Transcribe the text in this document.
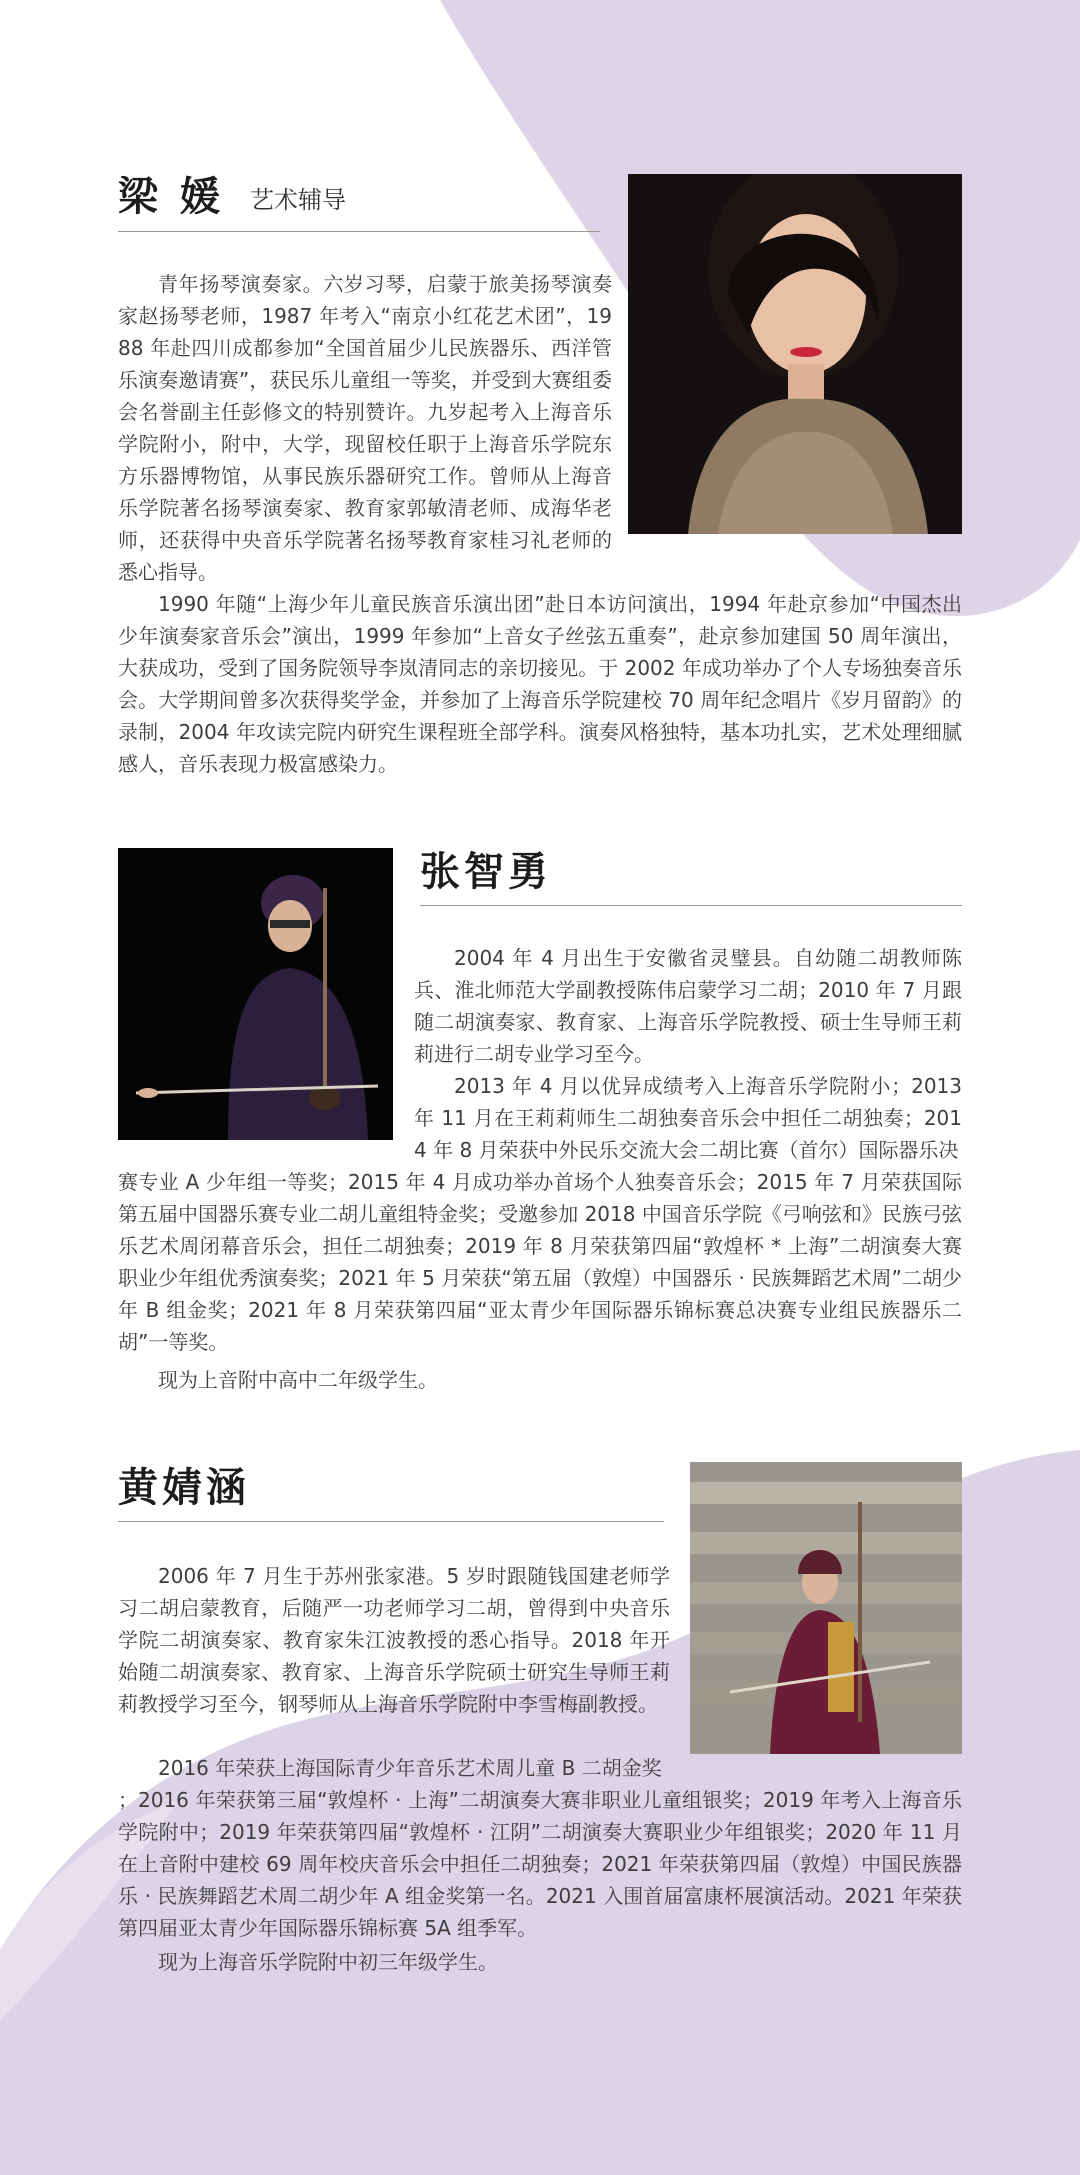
梁 媛 艺术辅导

青年扬琴演奏家。六岁习琴，启蒙于旅美扬琴演奏家赵扬琴老师，1987 年考入“南京小红花艺术团”，1988 年赴四川成都参加“全国首届少儿民族器乐、西洋管乐演奏邀请赛”，获民乐儿童组一等奖，并受到大赛组委会名誉副主任彭修文的特别赞许。九岁起考入上海音乐学院附小，附中，大学，现留校任职于上海音乐学院东方乐器博物馆，从事民族乐器研究工作。曾师从上海音乐学院著名扬琴演奏家、教育家郭敏清老师、成海华老师，还获得中央音乐学院著名扬琴教育家桂习礼老师的悉心指导。

1990 年随“上海少年儿童民族音乐演出团”赴日本访问演出，1994 年赴京参加“中国杰出少年演奏家音乐会”演出，1999 年参加“上音女子丝弦五重奏”，赴京参加建国 50 周年演出，大获成功，受到了国务院领导李岚清同志的亲切接见。于 2002 年成功举办了个人专场独奏音乐会。大学期间曾多次获得奖学金，并参加了上海音乐学院建校 70 周年纪念唱片《岁月留韵》的录制，2004 年攻读完院内研究生课程班全部学科。演奏风格独特，基本功扎实，艺术处理细腻感人，音乐表现力极富感染力。

张智勇

2004 年 4 月出生于安徽省灵璧县。自幼随二胡教师陈兵、淮北师范大学副教授陈伟启蒙学习二胡；2010 年 7 月跟随二胡演奏家、教育家、上海音乐学院教授、硕士生导师王莉莉进行二胡专业学习至今。

2013 年 4 月以优异成绩考入上海音乐学院附小；2013 年 11 月在王莉莉师生二胡独奏音乐会中担任二胡独奏；2014 年 8 月荣获中外民乐交流大会二胡比赛（首尔）国际器乐决

现为上音附中高中二年级学生。

赛专业 A 少年组一等奖；2015 年 4 月成功举办首场个人独奏音乐会；2015 年 7 月荣获国际第五届中国器乐赛专业二胡儿童组特金奖；受邀参加 2018 中国音乐学院《弓响弦和》民族弓弦乐艺术周闭幕音乐会，担任二胡独奏；2019 年 8 月荣获第四届“敦煌杯 * 上海”二胡演奏大赛职业少年组优秀演奏奖；2021 年 5 月荣获“第五届（敦煌）中国器乐 · 民族舞蹈艺术周”二胡少年 B 组金奖；2021 年 8 月荣获第四届“亚太青少年国际器乐锦标赛总决赛专业组民族器乐二胡”一等奖。

黄婧涵

2006 年 7 月生于苏州张家港。5 岁时跟随钱国建老师学习二胡启蒙教育，后随严一功老师学习二胡，曾得到中央音乐学院二胡演奏家、教育家朱江波教授的悉心指导。2018 年开始随二胡演奏家、教育家、上海音乐学院硕士研究生导师王莉莉教授学习至今，钢琴师从上海音乐学院附中李雪梅副教授。

2016 年荣获上海国际青少年音乐艺术周儿童 B 二胡金奖

现为上海音乐学院附中初三年级学生。

；2016 年荣获第三届“敦煌杯 · 上海”二胡演奏大赛非职业儿童组银奖；2019 年考入上海音乐学院附中；2019 年荣获第四届“敦煌杯 · 江阴”二胡演奏大赛职业少年组银奖；2020 年 11 月在上音附中建校 69 周年校庆音乐会中担任二胡独奏；2021 年荣获第四届（敦煌）中国民族器乐 · 民族舞蹈艺术周二胡少年 A 组金奖第一名。2021 入围首届富康杯展演活动。2021 年荣获第四届亚太青少年国际器乐锦标赛 5A 组季军。
